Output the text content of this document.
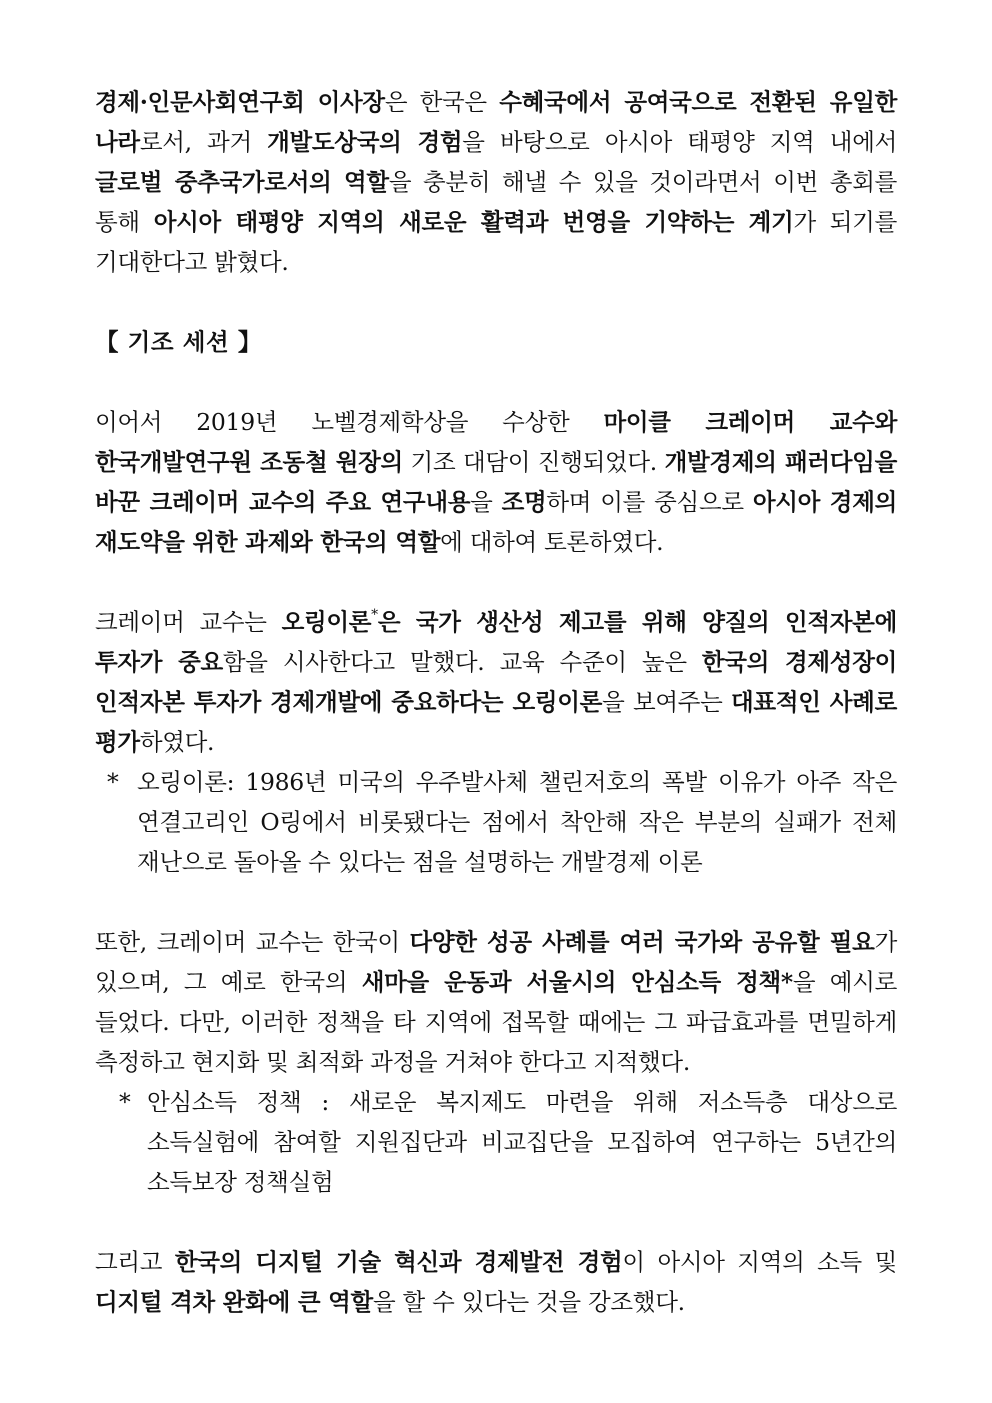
경제·인문사회연구회 이사장은 한국은 수혜국에서 공여국으로 전환된 유일한 나라로서, 과거 개발도상국의 경험을 바탕으로 아시아 태평양 지역 내에서 글로벌 중추국가로서의 역할을 충분히 해낼 수 있을 것이라면서 이번 총회를 통해 아시아 태평양 지역의 새로운 활력과 번영을 기약하는 계기가 되기를 기대한다고 밝혔다.

【 기조 세션 】

이어서 2019년 노벨경제학상을 수상한 마이클 크레이머 교수와 한국개발연구원 조동철 원장의 기조 대담이 진행되었다. 개발경제의 패러다임을 바꾼 크레이머 교수의 주요 연구내용을 조명하며 이를 중심으로 아시아 경제의 재도약을 위한 과제와 한국의 역할에 대하여 토론하였다.

크레이머 교수는 오링이론*은 국가 생산성 제고를 위해 양질의 인적자본에 투자가 중요함을 시사한다고 말했다. 교육 수준이 높은 한국의 경제성장이 인적자본 투자가 경제개발에 중요하다는 오링이론을 보여주는 대표적인 사례로 평가하였다.

* 오링이론: 1986년 미국의 우주발사체 챌린저호의 폭발 이유가 아주 작은 연결고리인 O링에서 비롯됐다는 점에서 착안해 작은 부분의 실패가 전체 재난으로 돌아올 수 있다는 점을 설명하는 개발경제 이론

또한, 크레이머 교수는 한국이 다양한 성공 사례를 여러 국가와 공유할 필요가 있으며, 그 예로 한국의 새마을 운동과 서울시의 안심소득 정책*을 예시로 들었다. 다만, 이러한 정책을 타 지역에 접목할 때에는 그 파급효과를 면밀하게 측정하고 현지화 및 최적화 과정을 거쳐야 한다고 지적했다.

* 안심소득 정책 : 새로운 복지제도 마련을 위해 저소득층 대상으로 소득실험에 참여할 지원집단과 비교집단을 모집하여 연구하는 5년간의 소득보장 정책실험

그리고 한국의 디지털 기술 혁신과 경제발전 경험이 아시아 지역의 소득 및 디지털 격차 완화에 큰 역할을 할 수 있다는 것을 강조했다.
